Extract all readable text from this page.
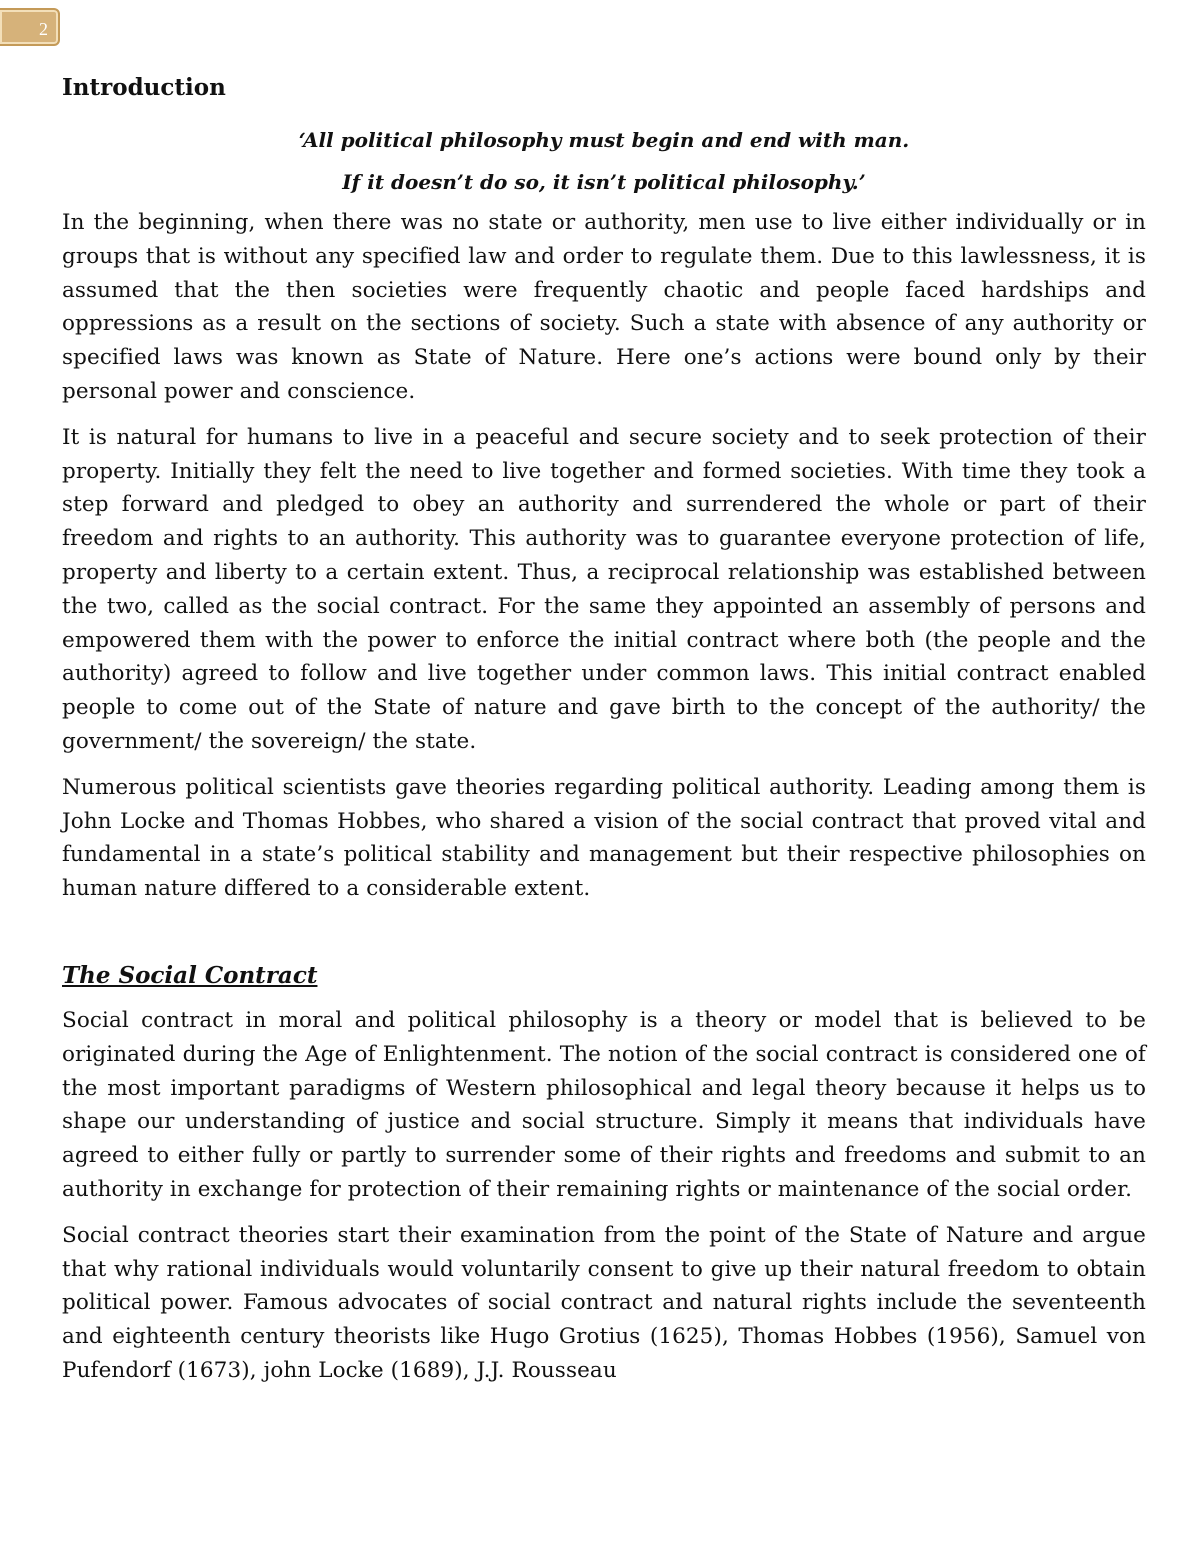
2
Introduction

‘All political philosophy must begin and end with man.

If it doesn’t do so, it isn’t political philosophy.’

In the beginning, when there was no state or authority, men use to live either individually or in groups that is without any specified law and order to regulate them. Due to this lawlessness, it is assumed that the then societies were frequently chaotic and people faced hardships and oppressions as a result on the sections of society. Such a state with absence of any authority or specified laws was known as State of Nature. Here one’s actions were bound only by their personal power and conscience.

It is natural for humans to live in a peaceful and secure society and to seek protection of their property. Initially they felt the need to live together and formed societies. With time they took a step forward and pledged to obey an authority and surrendered the whole or part of their freedom and rights to an authority. This authority was to guarantee everyone protection of life, property and liberty to a certain extent. Thus, a reciprocal relationship was established between the two, called as the social contract. For the same they appointed an assembly of persons and empowered them with the power to enforce the initial contract where both (the people and the authority) agreed to follow and live together under common laws. This initial contract enabled people to come out of the State of nature and gave birth to the concept of the authority/ the government/ the sovereign/ the state.

Numerous political scientists gave theories regarding political authority. Leading among them is John Locke and Thomas Hobbes, who shared a vision of the social contract that proved vital and fundamental in a state’s political stability and management but their respective philosophies on human nature differed to a considerable extent.

The Social Contract

Social contract in moral and political philosophy is a theory or model that is believed to be originated during the Age of Enlightenment. The notion of the social contract is considered one of the most important paradigms of Western philosophical and legal theory because it helps us to shape our understanding of justice and social structure. Simply it means that individuals have agreed to either fully or partly to surrender some of their rights and freedoms and submit to an authority in exchange for protection of their remaining rights or maintenance of the social order.

Social contract theories start their examination from the point of the State of Nature and argue that why rational individuals would voluntarily consent to give up their natural freedom to obtain political power. Famous advocates of social contract and natural rights include the seventeenth and eighteenth century theorists like Hugo Grotius (1625), Thomas Hobbes (1956), Samuel von Pufendorf (1673), john Locke (1689), J.J. Rousseau
